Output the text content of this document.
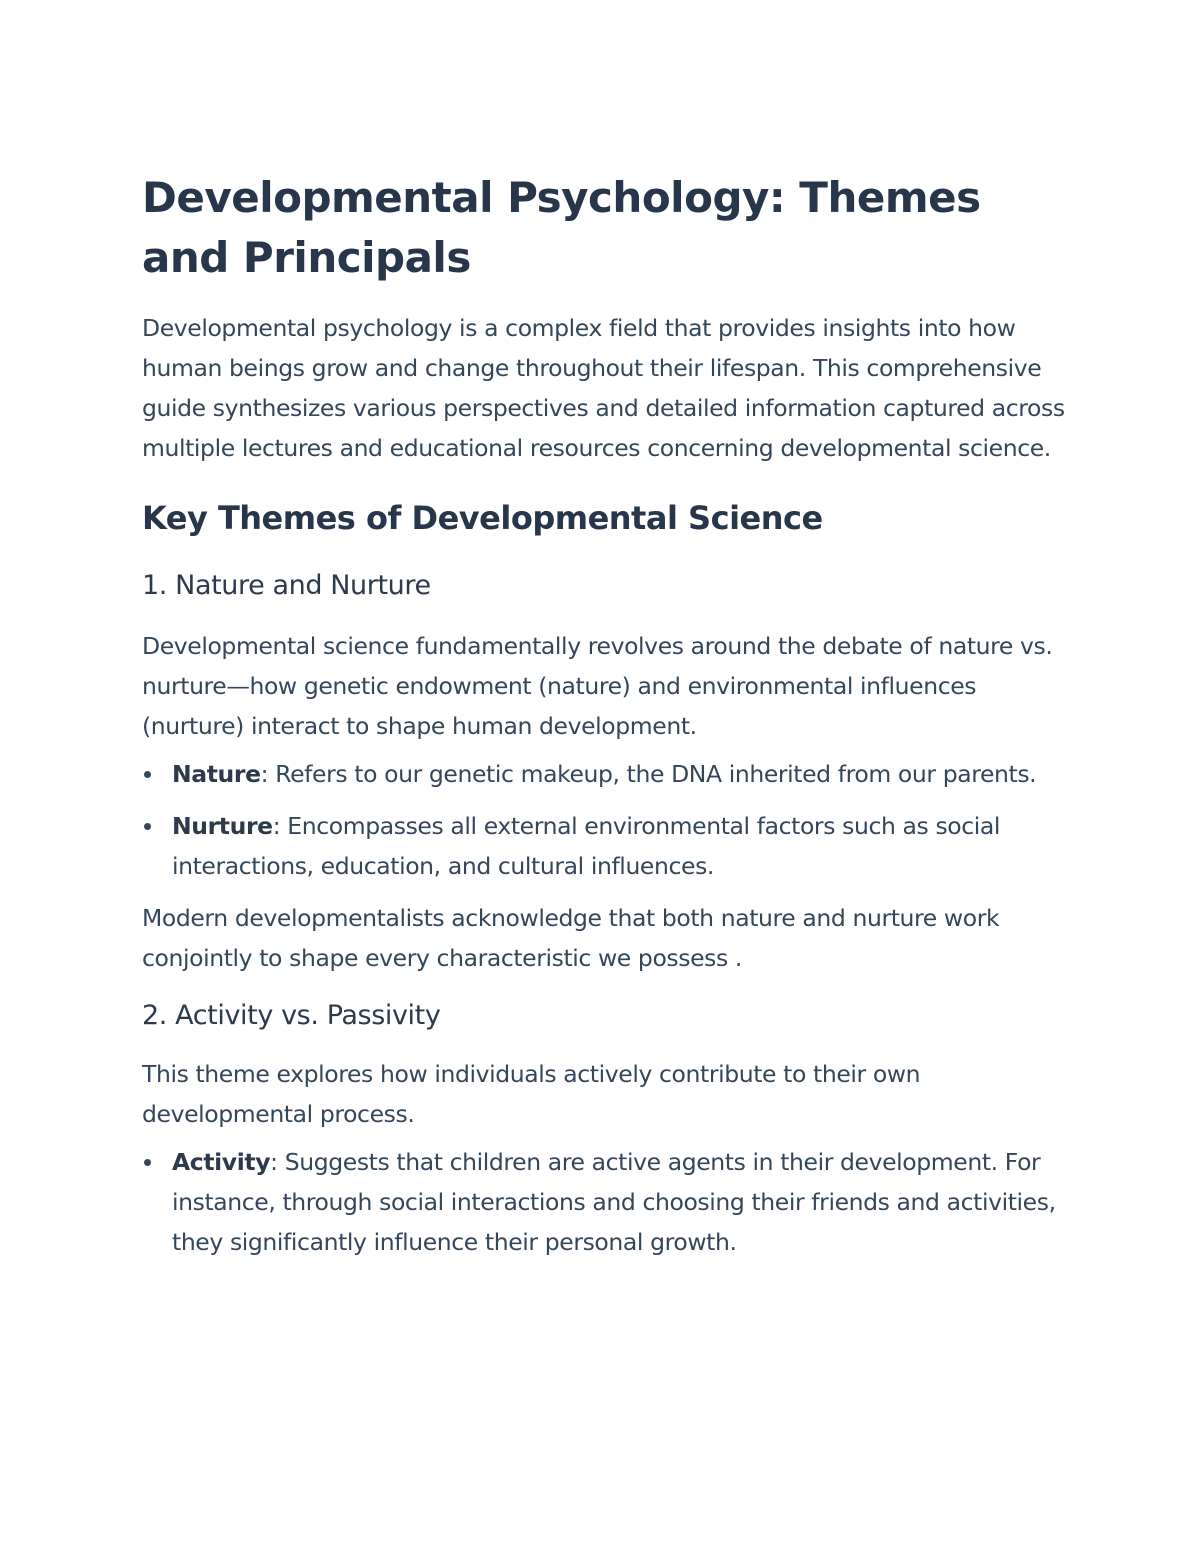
Developmental Psychology: Themes and Principals

Developmental psychology is a complex field that provides insights into how human beings grow and change throughout their lifespan. This comprehensive guide synthesizes various perspectives and detailed information captured across multiple lectures and educational resources concerning developmental science.

Key Themes of Developmental Science
1. Nature and Nurture

Developmental science fundamentally revolves around the debate of nature vs. nurture—how genetic endowment (nature) and environmental influences (nurture) interact to shape human development.

Nature: Refers to our genetic makeup, the DNA inherited from our parents.
Nurture: Encompasses all external environmental factors such as social interactions, education, and cultural influences.

Modern developmentalists acknowledge that both nature and nurture work conjointly to shape every characteristic we possess .

2. Activity vs. Passivity

This theme explores how individuals actively contribute to their own developmental process.

Activity: Suggests that children are active agents in their development. For instance, through social interactions and choosing their friends and activities, they significantly influence their personal growth.
